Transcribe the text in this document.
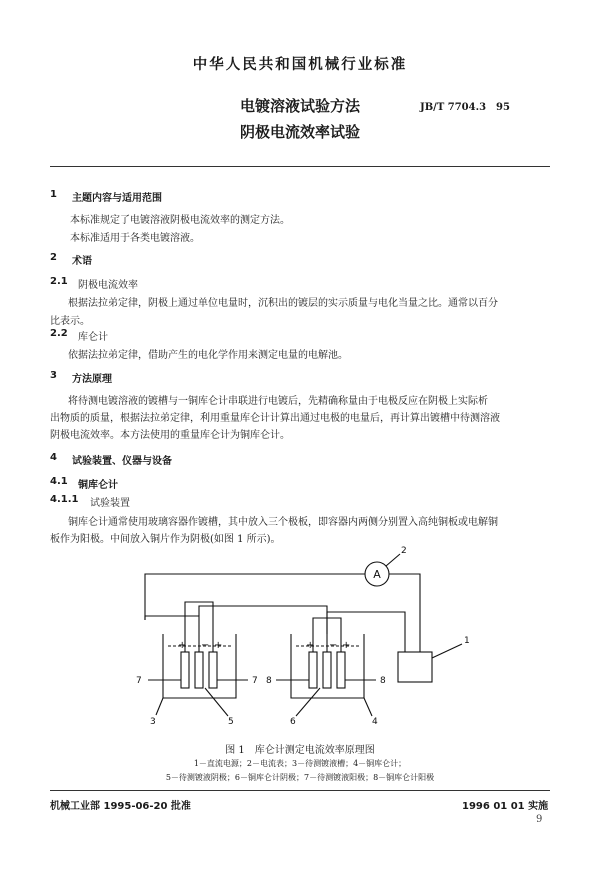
中华人民共和国机械行业标准
电镀溶液试验方法
阴极电流效率试验
JB/T 7704.3　95
1 主题内容与适用范围
本标准规定了电镀溶液阴极电流效率的测定方法。
本标准适用于各类电镀溶液。
2 术语
2.1 阴极电流效率
根据法拉弟定律，阴极上通过单位电量时，沉积出的镀层的实示质量与电化当量之比。通常以百分
比表示。
2.2 库仑计
依据法拉弟定律，借助产生的电化学作用来测定电量的电解池。
3 方法原理
将待测电镀溶液的镀槽与一铜库仑计串联进行电镀后，先精确称量由于电极反应在阴极上实际析
出物质的质量，根据法拉弟定律，利用重量库仑计计算出通过电极的电量后，再计算出镀槽中待测溶液
阴极电流效率。本方法使用的重量库仑计为铜库仑计。
4 试验装置、仪器与设备
4.1 铜库仑计
4.1.1 试验装置
铜库仑计通常使用玻璃容器作镀槽，其中放入三个极板，即容器内两侧分别置入高纯铜板或电解铜
板作为阳极。中间放入铜片作为阴极(如图 1 所示)。
A
+ − +	+ − +	1
2
3	4
5	6
7	7 8	8
图 1　 库仑计测定电流效率原理图
1－直流电源；2－电流表；3－待测镀液槽；4－铜库仑计；
5－待测镀液阴极；6－铜库仑计阴极；7－待测镀液阳极；8－铜库仑计阳极
机械工业部 1995-06-20 批准	1996 01 01 实施
9
